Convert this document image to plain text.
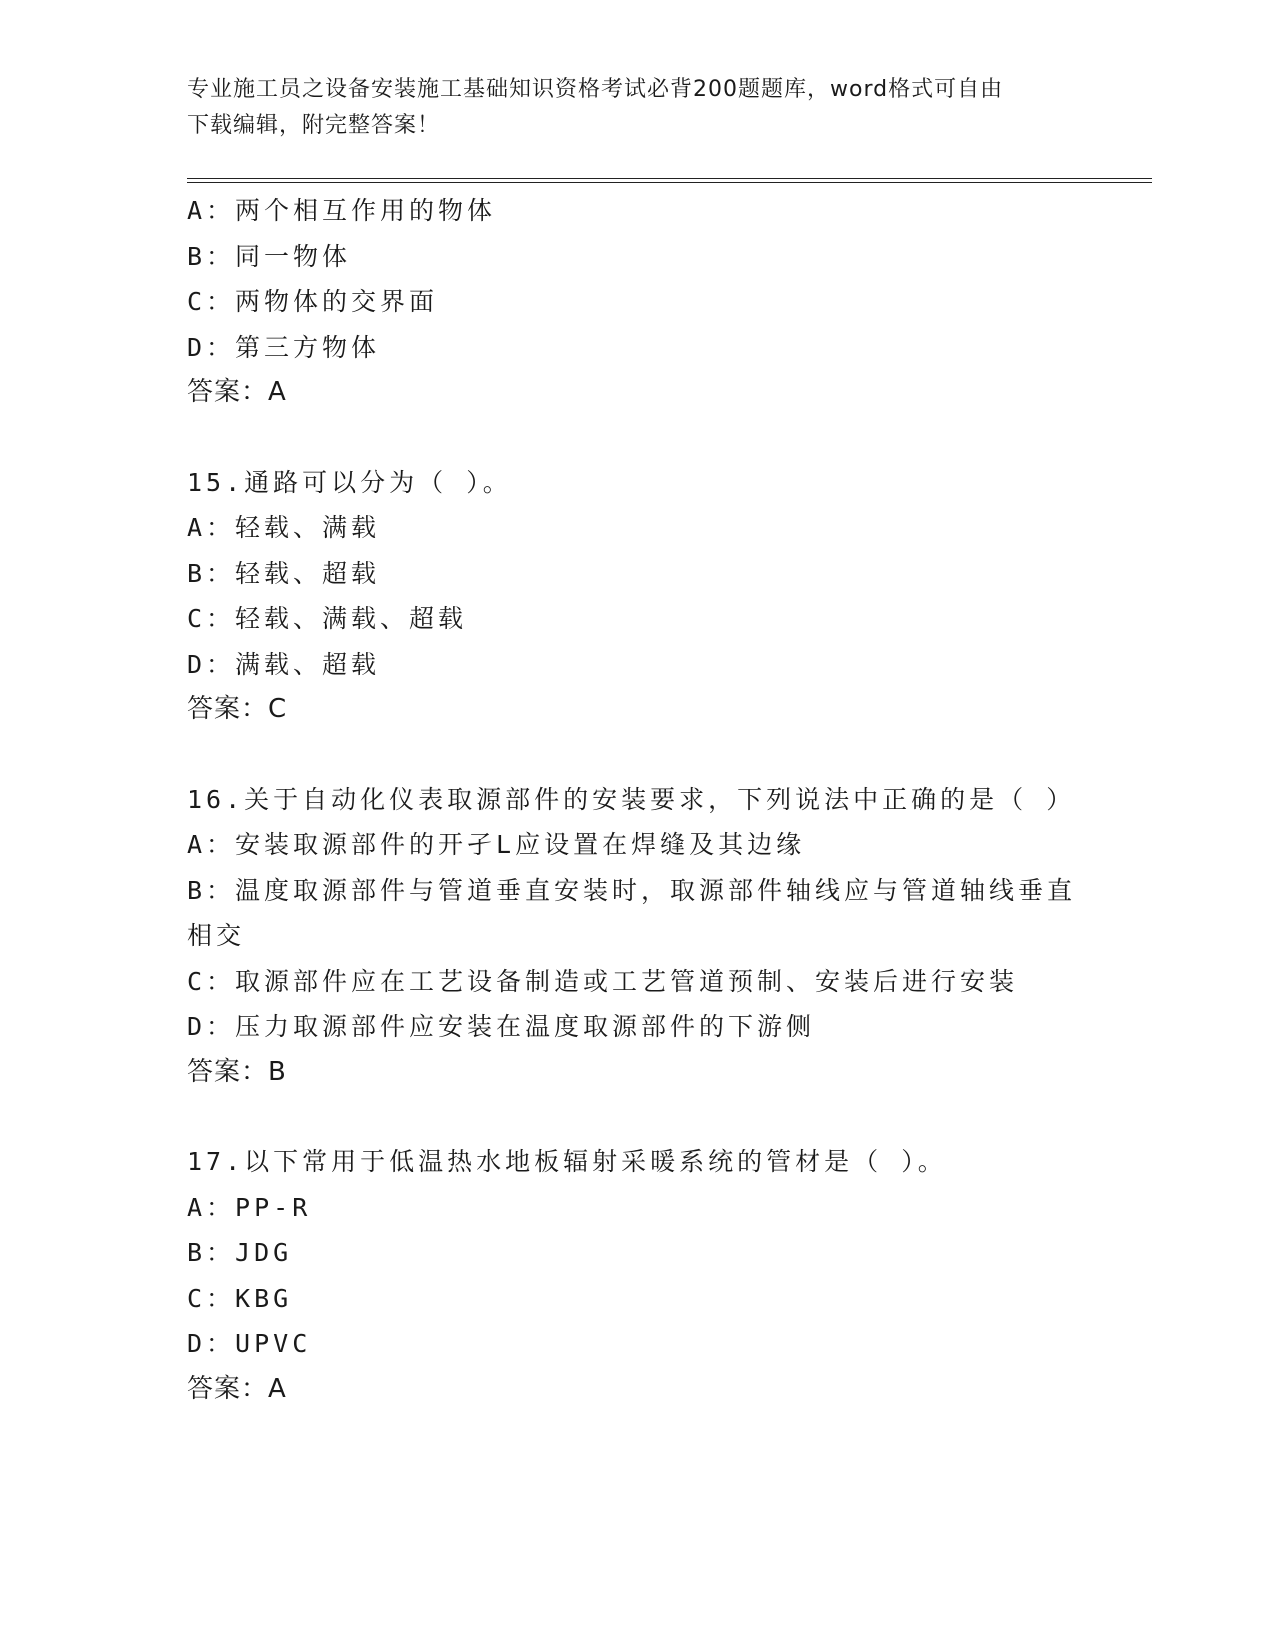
专业施工员之设备安装施工基础知识资格考试必背200题题库，word格式可自由
下载编辑，附完整答案！
A：两个相互作用的物体
B：同一物体
C：两物体的交界面
D：第三方物体
答案：A
15.通路可以分为（ ）。
A：轻载、满载
B：轻载、超载
C：轻载、满载、超载
D：满载、超载
答案：C
16.关于自动化仪表取源部件的安装要求，下列说法中正确的是（ ）
A：安装取源部件的开孑L应设置在焊缝及其边缘
B：温度取源部件与管道垂直安装时，取源部件轴线应与管道轴线垂直
相交
C：取源部件应在工艺设备制造或工艺管道预制、安装后进行安装
D：压力取源部件应安装在温度取源部件的下游侧
答案：B
17.以下常用于低温热水地板辐射采暖系统的管材是（ ）。
A：PP-R
B：JDG
C：KBG
D：UPVC
答案：A
